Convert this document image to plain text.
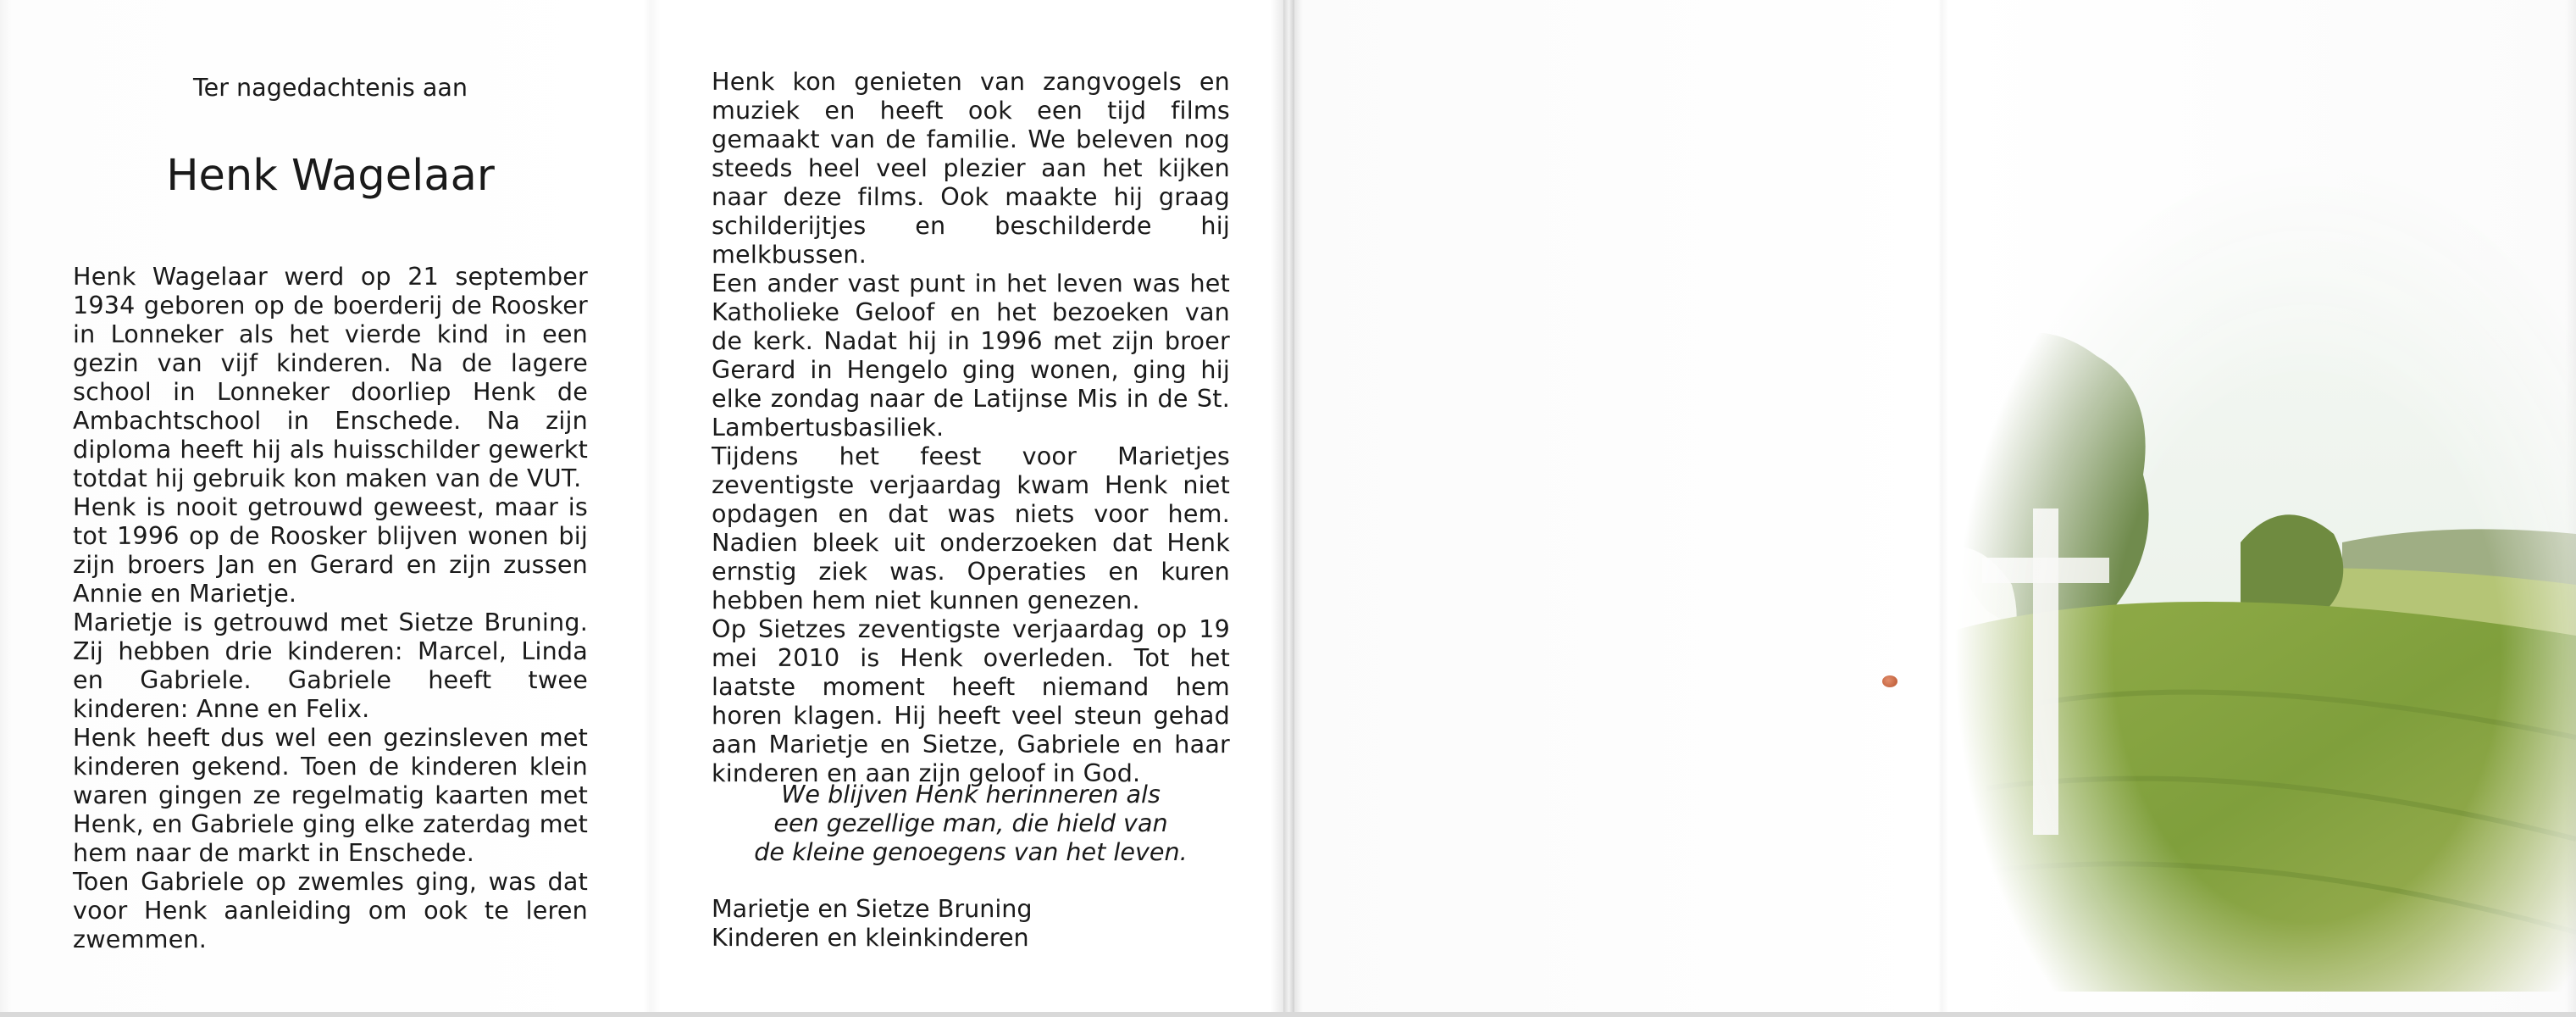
Ter nagedachtenis aan
Henk Wagelaar

Henk Wagelaar werd op 21 september 1934 geboren op de boerderij de Roosker in Lonneker als het vierde kind in een gezin van vijf kinderen. Na de lagere school in Lonneker doorliep Henk de Ambachtschool in Enschede. Na zijn diploma heeft hij als huisschilder gewerkt totdat hij gebruik kon maken van de VUT.

Henk is nooit getrouwd geweest, maar is tot 1996 op de Roosker blijven wonen bij zijn broers Jan en Gerard en zijn zussen Annie en Marietje.

Marietje is getrouwd met Sietze Bruning. Zij hebben drie kinderen: Marcel, Linda en Gabriele. Gabriele heeft twee kinderen: Anne en Felix.

Henk heeft dus wel een gezinsleven met kinderen gekend. Toen de kinderen klein waren gingen ze regelmatig kaarten met Henk, en Gabriele ging elke zaterdag met hem naar de markt in Enschede.

Toen Gabriele op zwemles ging, was dat voor Henk aanleiding om ook te leren zwemmen.

Henk kon genieten van zangvogels en muziek en heeft ook een tijd films gemaakt van de familie. We beleven nog steeds heel veel plezier aan het kijken naar deze films. Ook maakte hij graag schilderijtjes en beschilderde hij melkbussen.

Een ander vast punt in het leven was het Katholieke Geloof en het bezoeken van de kerk. Nadat hij in 1996 met zijn broer Gerard in Hengelo ging wonen, ging hij elke zondag naar de Latijnse Mis in de St. Lambertusbasiliek.

Tijdens het feest voor Marietjes zeventigste verjaardag kwam Henk niet opdagen en dat was niets voor hem. Nadien bleek uit onderzoeken dat Henk ernstig ziek was. Operaties en kuren hebben hem niet kunnen genezen.

Op Sietzes zeventigste verjaardag op 19 mei 2010 is Henk overleden. Tot het laatste moment heeft niemand hem horen klagen. Hij heeft veel steun gehad aan Marietje en Sietze, Gabriele en haar kinderen en aan zijn geloof in God.

We blijven Henk herinneren als
een gezellige man, die hield van
de kleine genoegens van het leven.
Marietje en Sietze Bruning
Kinderen en kleinkinderen
